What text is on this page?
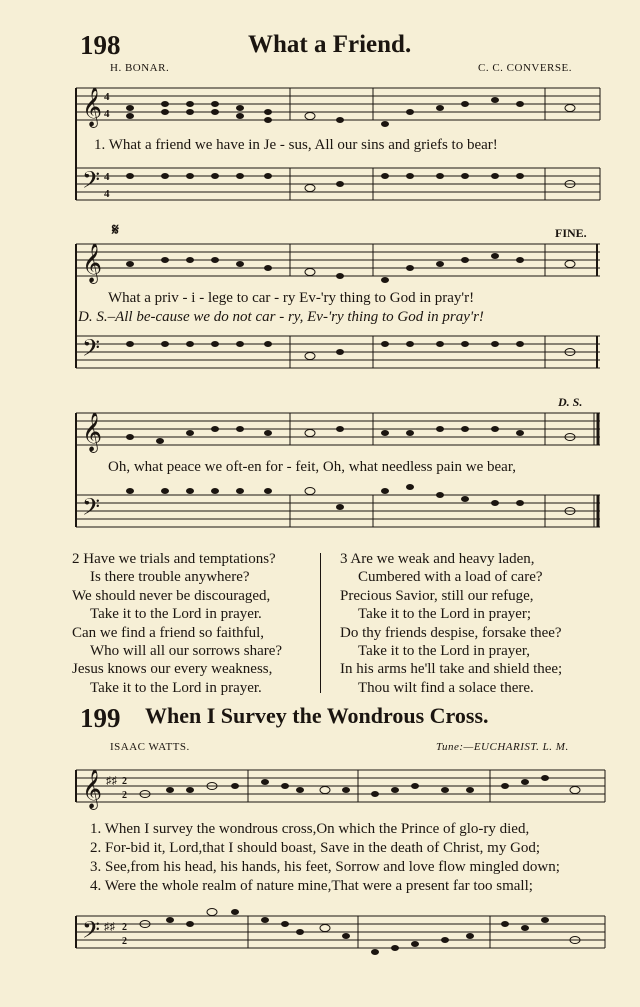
198	What a Friend.
H. BONAR.	C. C. CONVERSE.
𝄞
𝄢
4
4
4
4
1. What a friend we have in Je - sus, All our sins and griefs to bear!
𝄋	FINE.
𝄞
𝄢
What a priv - i - lege to car - ry Ev-'ry thing to God in pray'r!
D. S.–All be-cause we do not car - ry, Ev-'ry thing to God in pray'r!
D. S.
𝄞
𝄢
Oh, what peace we oft-en for - feit, Oh, what needless pain we bear,
2 Have we trials and temptations?
Is there trouble anywhere?
We should never be discouraged,
Take it to the Lord in prayer.
Can we find a friend so faithful,
Who will all our sorrows share?
Jesus knows our every weakness,
Take it to the Lord in prayer.
3 Are we weak and heavy laden,
Cumbered with a load of care?
Precious Savior, still our refuge,
Take it to the Lord in prayer;
Do thy friends despise, forsake thee?
Take it to the Lord in prayer,
In his arms he'll take and shield thee;
Thou wilt find a solace there.
199 When I Survey the Wondrous Cross.
ISAAC WATTS.	Tune:—EUCHARIST. L. M.
𝄞 ♯♯ 2
2
1. When I survey the wondrous cross,On which the Prince of glo-ry died,
2. For-bid it, Lord,that I should boast, Save in the death of Christ, my God;
3. See,from his head, his hands, his feet, Sorrow and love flow mingled down;
4. Were the whole realm of nature mine,That were a present far too small;
𝄢 ♯♯ 2
2
